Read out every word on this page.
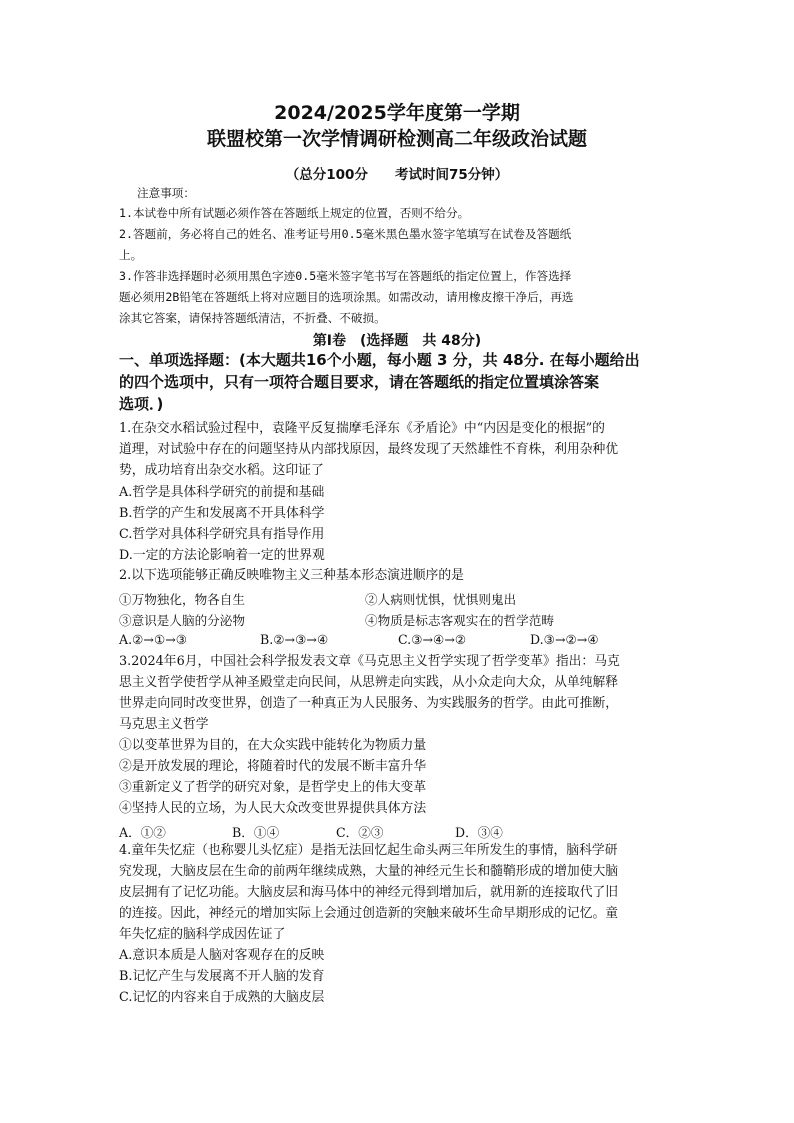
2024/2025学年度第一学期
联盟校第一次学情调研检测高二年级政治试题
（总分100分　　考试时间75分钟）
注意事项：
1.本试卷中所有试题必须作答在答题纸上规定的位置，否则不给分。
2.答题前，务必将自己的姓名、准考证号用0.5毫米黑色墨水签字笔填写在试卷及答题纸
上。
3.作答非选择题时必须用黑色字迹0.5毫米签字笔书写在答题纸的指定位置上，作答选择
题必须用2B铅笔在答题纸上将对应题目的选项涂黑。如需改动，请用橡皮擦干净后，再选
涂其它答案，请保持答题纸清洁，不折叠、不破损。
第Ⅰ卷　(选择题　共 48分)
一、单项选择题：(本大题共16个小题，每小题 3 分，共 48分. 在每小题给出
的四个选项中，只有一项符合题目要求，请在答题纸的指定位置填涂答案
选项．)
1.在杂交水稻试验过程中，袁隆平反复揣摩毛泽东《矛盾论》中“内因是变化的根据”的
道理，对试验中存在的问题坚持从内部找原因，最终发现了天然雄性不育株，利用杂种优
势，成功培育出杂交水稻。这印证了
A.哲学是具体科学研究的前提和基础
B.哲学的产生和发展离不开具体科学
C.哲学对具体科学研究具有指导作用
D.一定的方法论影响着一定的世界观
2.以下选项能够正确反映唯物主义三种基本形态演进顺序的是
①万物独化，物各自生	②人病则忧惧，忧惧则鬼出
③意识是人脑的分泌物	④物质是标志客观实在的哲学范畴
A.②→①→③	B.②→③→④	C.③→④→②	D.③→②→④
3.2024年6月，中国社会科学报发表文章《马克思主义哲学实现了哲学变革》指出：马克
思主义哲学使哲学从神圣殿堂走向民间，从思辨走向实践，从小众走向大众，从单纯解释
世界走向同时改变世界，创造了一种真正为人民服务、为实践服务的哲学。由此可推断，
马克思主义哲学
①以变革世界为目的，在大众实践中能转化为物质力量
②是开放发展的理论，将随着时代的发展不断丰富升华
③重新定义了哲学的研究对象，是哲学史上的伟大变革
④坚持人民的立场，为人民大众改变世界提供具体方法
A．①②	B．①④	C．②③	D．③④
4.童年失忆症（也称婴儿头忆症）是指无法回忆起生命头两三年所发生的事情，脑科学研
究发现，大脑皮层在生命的前两年继续成熟，大量的神经元生长和髓鞘形成的增加使大脑
皮层拥有了记忆功能。大脑皮层和海马体中的神经元得到增加后，就用新的连接取代了旧
的连接。因此，神经元的增加实际上会通过创造新的突触来破坏生命早期形成的记忆。童
年失忆症的脑科学成因佐证了
A.意识本质是人脑对客观存在的反映
B.记忆产生与发展离不开人脑的发育
C.记忆的内容来自于成熟的大脑皮层
